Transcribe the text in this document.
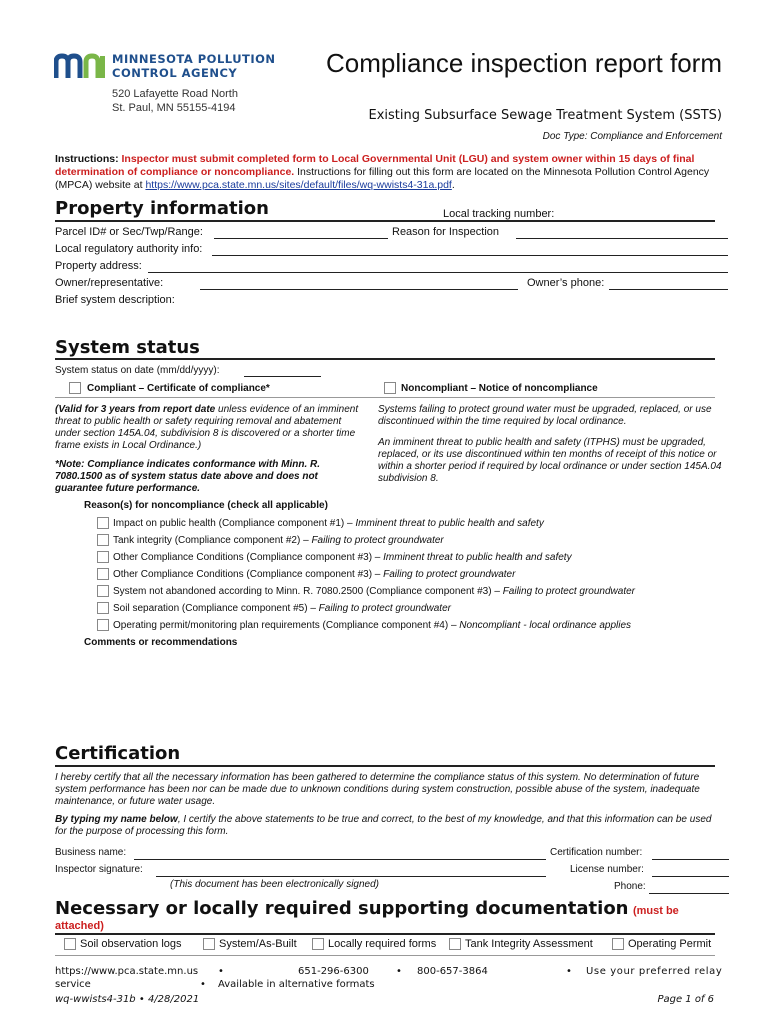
MINNESOTA POLLUTION
CONTROL AGENCY
520 Lafayette Road North
St. Paul, MN 55155-4194
Compliance inspection report form
Existing Subsurface Sewage Treatment System (SSTS)
Doc Type: Compliance and Enforcement
Instructions: Inspector must submit completed form to Local Governmental Unit (LGU) and system owner within 15 days of final determination of compliance or noncompliance. Instructions for filling out this form are located on the Minnesota Pollution Control Agency (MPCA) website at https://www.pca.state.mn.us/sites/default/files/wq-wwists4-31a.pdf.
Property information	Local tracking number:
Parcel ID# or Sec/Twp/Range:	Reason for Inspection
Local regulatory authority info:
Property address:
Owner/representative:	Owner’s phone:
Brief system description:
System status
System status on date (mm/dd/yyyy):
Compliant – Certificate of compliance*	Noncompliant – Notice of noncompliance
(Valid for 3 years from report date unless evidence of an imminent threat to public health or safety requiring removal and abatement under section 145A.04, subdivision 8 is discovered or a shorter time frame exists in Local Ordinance.)
*Note: Compliance indicates conformance with Minn. R. 7080.1500 as of system status date above and does not guarantee future performance.
Systems failing to protect ground water must be upgraded, replaced, or use discontinued within the time required by local ordinance.
An imminent threat to public health and safety (ITPHS) must be upgraded, replaced, or its use discontinued within ten months of receipt of this notice or within a shorter period if required by local ordinance or under section 145A.04 subdivision 8.
Reason(s) for noncompliance (check all applicable)
Impact on public health (Compliance component #1) – Imminent threat to public health and safety
Tank integrity (Compliance component #2) – Failing to protect groundwater
Other Compliance Conditions (Compliance component #3) – Imminent threat to public health and safety
Other Compliance Conditions (Compliance component #3) – Failing to protect groundwater
System not abandoned according to Minn. R. 7080.2500 (Compliance component #3) – Failing to protect groundwater
Soil separation (Compliance component #5) – Failing to protect groundwater
Operating permit/monitoring plan requirements (Compliance component #4) – Noncompliant - local ordinance applies
Comments or recommendations
Certification
I hereby certify that all the necessary information has been gathered to determine the compliance status of this system. No determination of future system performance has been nor can be made due to unknown conditions during system construction, possible abuse of the system, inadequate maintenance, or future water usage.
By typing my name below, I certify the above statements to be true and correct, to the best of my knowledge, and that this information can be used for the purpose of processing this form.
Business name:	Certification number:
Inspector signature:	License number:
(This document has been electronically signed)	Phone:
Necessary or locally required supporting documentation (must be
attached)
Soil observation logs	System/As-Built	Locally required forms	Tank Integrity Assessment	Operating Permit
https://www.pca.state.mn.us •	651-296-6300	• 800-657-3864	• Use your preferred relay
service	• Available in alternative formats
wq-wwists4-31b • 4/28/2021	Page 1 of 6
